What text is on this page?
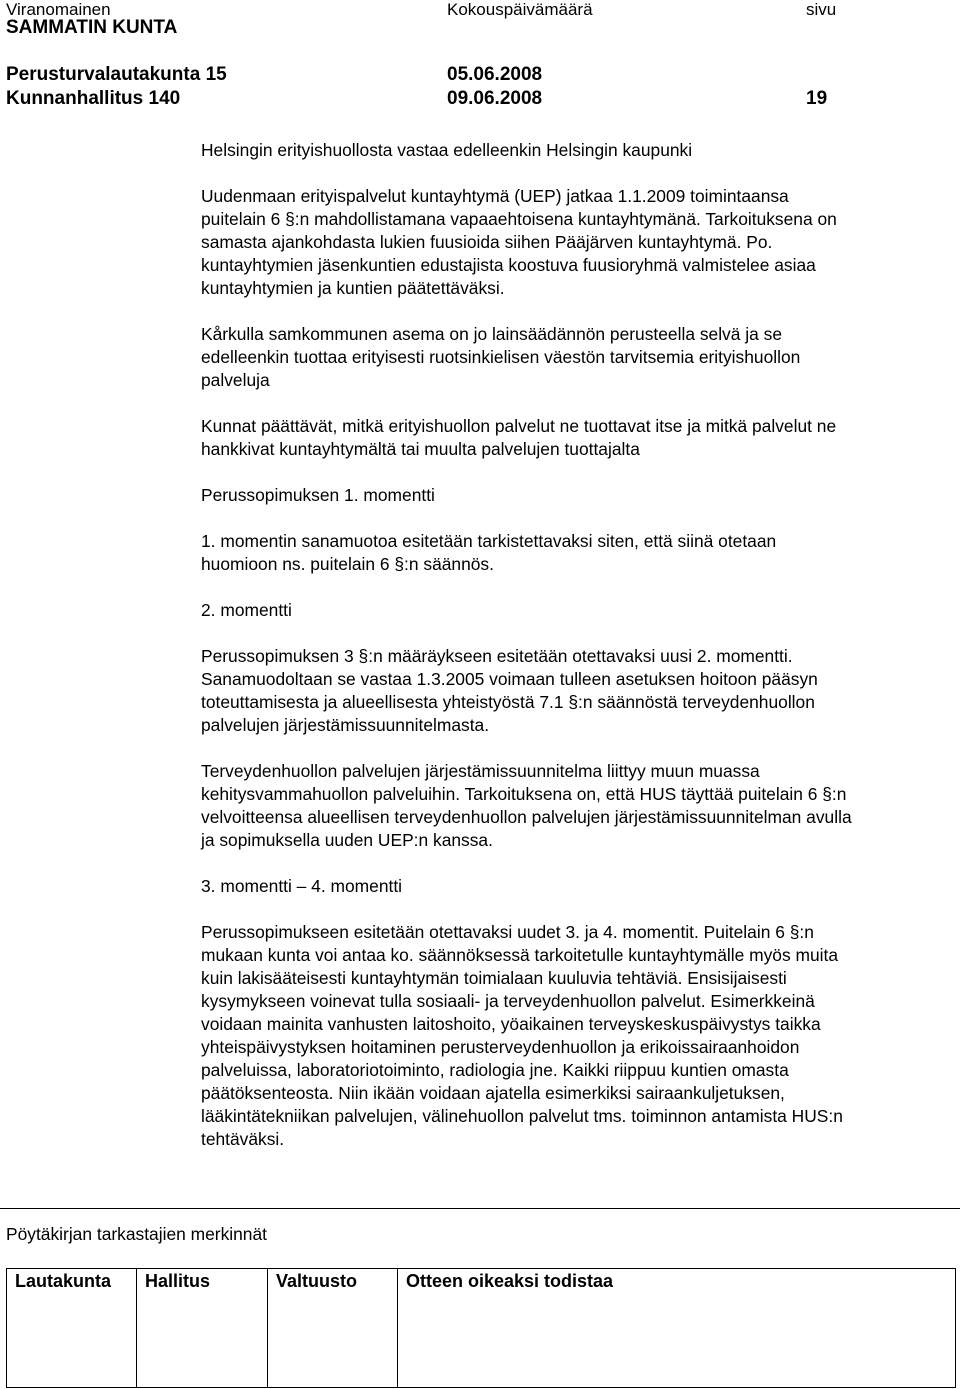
Viranomainen	Kokouspäivämäärä	sivu
SAMMATIN KUNTA
Perusturvalautakunta 15	05.06.2008
Kunnanhallitus 140	09.06.2008	19
Helsingin erityishuollosta vastaa edelleenkin Helsingin kaupunki
Uudenmaan erityispalvelut kuntayhtymä (UEP) jatkaa 1.1.2009 toimintaansa
puitelain 6 §:n mahdollistamana vapaaehtoisena kuntayhtymänä. Tarkoituksena on
samasta ajankohdasta lukien fuusioida siihen Pääjärven kuntayhtymä. Po.
kuntayhtymien jäsenkuntien edustajista koostuva fuusioryhmä valmistelee asiaa
kuntayhtymien ja kuntien päätettäväksi.
Kårkulla samkommunen asema on jo lainsäädännön perusteella selvä ja se
edelleenkin tuottaa erityisesti ruotsinkielisen väestön tarvitsemia erityishuollon
palveluja
Kunnat päättävät, mitkä erityishuollon palvelut ne tuottavat itse ja mitkä palvelut ne
hankkivat kuntayhtymältä tai muulta palvelujen tuottajalta
Perussopimuksen 1. momentti
1. momentin sanamuotoa esitetään tarkistettavaksi siten, että siinä otetaan
huomioon ns. puitelain 6 §:n säännös.
2. momentti
Perussopimuksen 3 §:n määräykseen esitetään otettavaksi uusi 2. momentti.
Sanamuodoltaan se vastaa 1.3.2005 voimaan tulleen asetuksen hoitoon pääsyn
toteuttamisesta ja alueellisesta yhteistyöstä 7.1 §:n säännöstä terveydenhuollon
palvelujen järjestämissuunnitelmasta.
Terveydenhuollon palvelujen järjestämissuunnitelma liittyy muun muassa
kehitysvammahuollon palveluihin. Tarkoituksena on, että HUS täyttää puitelain 6 §:n
velvoitteensa alueellisen terveydenhuollon palvelujen järjestämissuunnitelman avulla
ja sopimuksella uuden UEP:n kanssa.
3. momentti – 4. momentti
Perussopimukseen esitetään otettavaksi uudet 3. ja 4. momentit. Puitelain 6 §:n
mukaan kunta voi antaa ko. säännöksessä tarkoitetulle kuntayhtymälle myös muita
kuin lakisääteisesti kuntayhtymän toimialaan kuuluvia tehtäviä. Ensisijaisesti
kysymykseen voinevat tulla sosiaali- ja terveydenhuollon palvelut. Esimerkkeinä
voidaan mainita vanhusten laitoshoito, yöaikainen terveyskeskuspäivystys taikka
yhteispäivystyksen hoitaminen perusterveydenhuollon ja erikoissairaanhoidon
palveluissa, laboratoriotoiminto, radiologia jne. Kaikki riippuu kuntien omasta
päätöksenteosta. Niin ikään voidaan ajatella esimerkiksi sairaankuljetuksen,
lääkintätekniikan palvelujen, välinehuollon palvelut tms. toiminnon antamista HUS:n
tehtäväksi.
Pöytäkirjan tarkastajien merkinnät
Lautakunta	Hallitus	Valtuusto	Otteen oikeaksi todistaa
